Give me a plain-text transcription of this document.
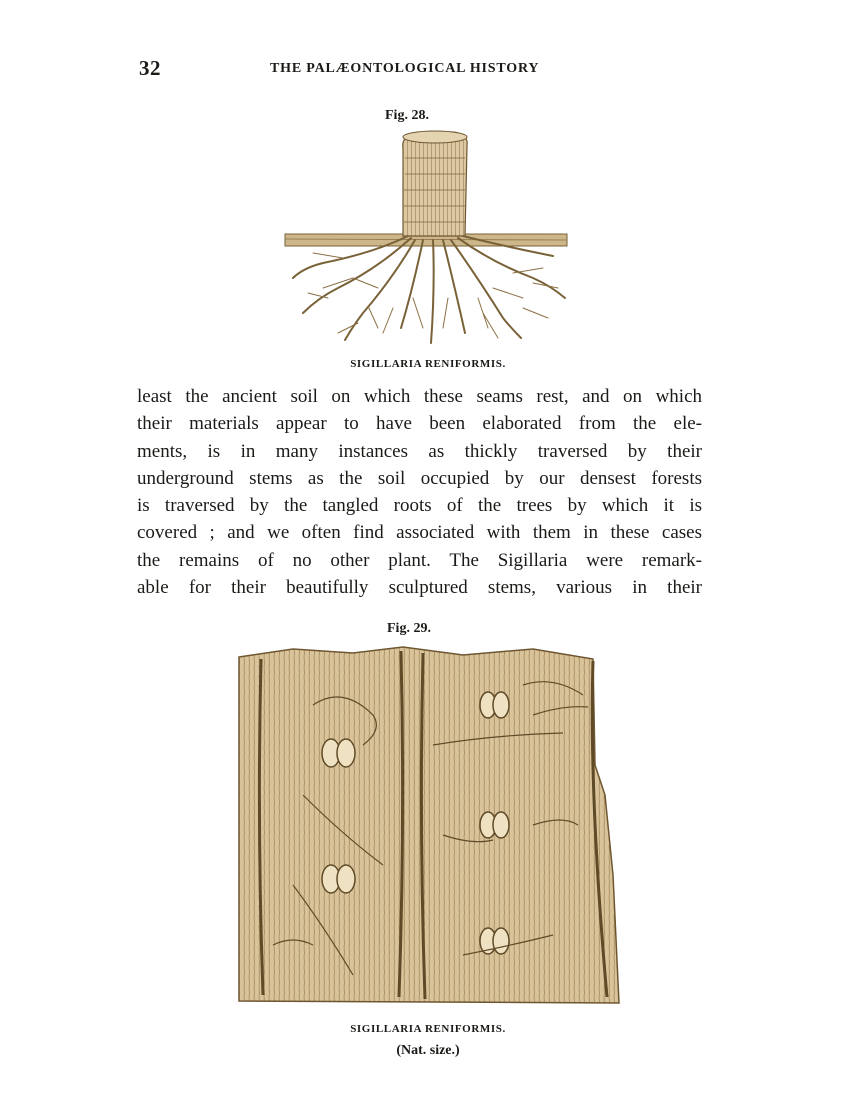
32	THE PALÆONTOLOGICAL HISTORY
Fig. 28.
SIGILLARIA RENIFORMIS.
least the ancient soil on which these seams rest, and on which
their materials appear to have been elaborated from the ele-
ments, is in many instances as thickly traversed by their
underground stems as the soil occupied by our densest forests
is traversed by the tangled roots of the trees by which it is
covered ; and we often find associated with them in these cases
the remains of no other plant. The Sigillaria were remark-
able for their beautifully sculptured stems, various in their
Fig. 29.
SIGILLARIA RENIFORMIS.
(Nat. size.)
